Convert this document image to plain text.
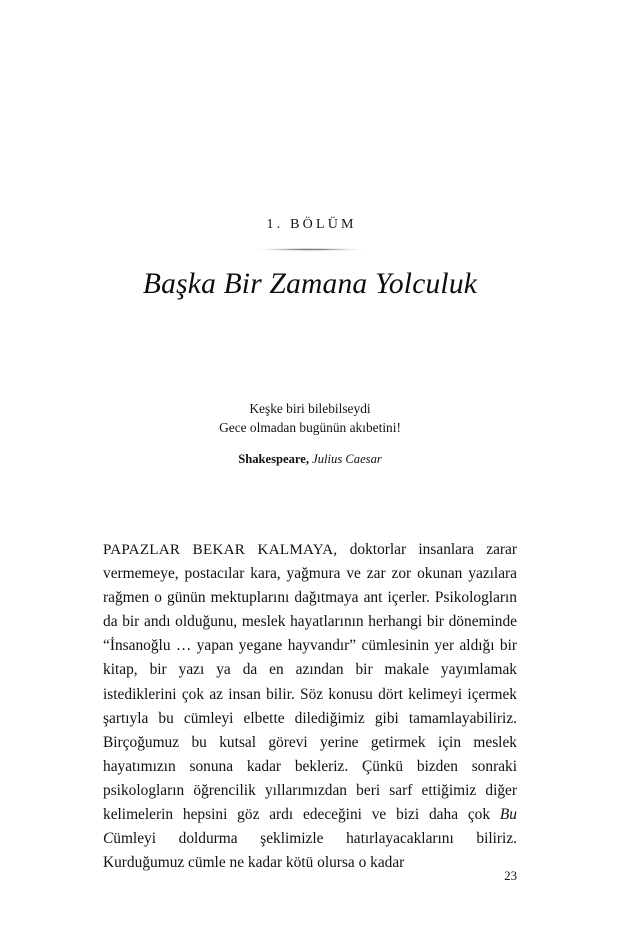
1. BÖLÜM
Başka Bir Zamana Yolculuk
Keşke biri bilebilseydi
Gece olmadan bugünün akıbetini!
Shakespeare, Julius Caesar

PAPAZLAR BEKAR KALMAYA, doktorlar insanlara zarar vermemeye, postacılar kara, yağmura ve zar zor okunan yazılara rağmen o günün mektuplarını dağıtmaya ant içerler. Psikologların da bir andı olduğunu, meslek hayatlarının herhangi bir döneminde “İnsanoğlu … yapan yegane hayvandır” cümlesinin yer aldığı bir kitap, bir yazı ya da en azından bir makale yayımlamak istediklerini çok az insan bilir. Söz konusu dört kelimeyi içermek şartıyla bu cümleyi elbette dilediğimiz gibi tamamlayabiliriz. Birçoğumuz bu kutsal görevi yerine getirmek için meslek hayatımızın sonuna kadar bekleriz. Çünkü bizden sonraki psikologların öğrencilik yıllarımızdan beri sarf ettiğimiz diğer kelimelerin hepsini göz ardı edeceğini ve bizi daha çok Bu Cümleyi doldurma şeklimizle hatırlayacaklarını biliriz. Kurduğumuz cümle ne kadar kötü olursa o kadar

23
